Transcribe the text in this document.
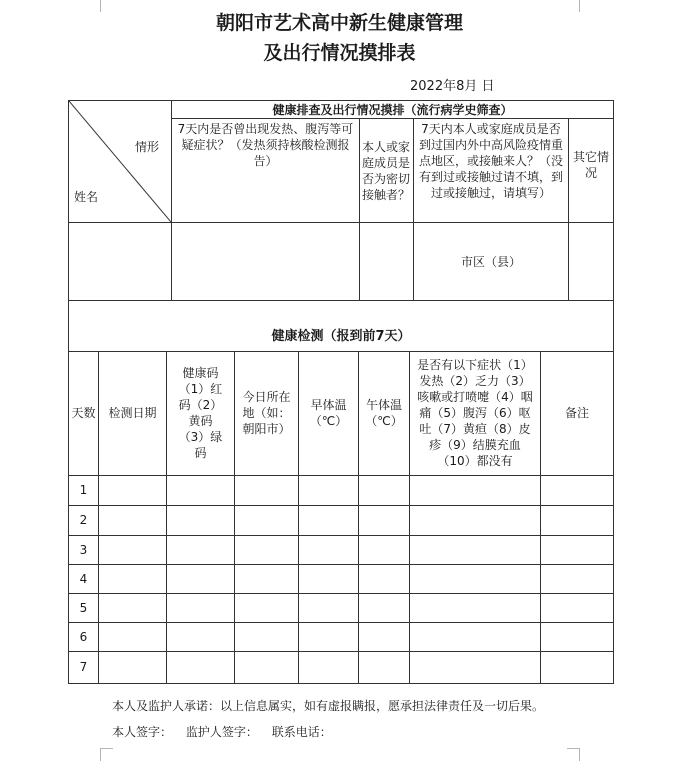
朝阳市艺术高中新生健康管理
及出行情况摸排表
2022年8月 日
情形
姓名	健康排查及出行情况摸排（流行病学史筛查）			
	7天内是否曾出现发热、腹泻等可疑症状？（发热须持核酸检测报告）	本人或家庭成员是否为密切接触者？	7天内本人或家庭成员是否到过国内外中高风险疫情重点地区，或接触来人？（没有到过或接触过请不填，到过或接触过，请填写）	其它情况
			市区（县）	
健康检测（报到前7天）							
天数	检测日期	健康码（1）红码（2）黄码（3）绿码	今日所在地（如：朝阳市）	早体温（℃）	午体温（℃）	是否有以下症状（1）发热（2）乏力（3）咳嗽或打喷嚏（4）咽痛（5）腹泻（6）呕吐（7）黄疸（8）皮疹（9）结膜充血（10）都没有	备注
1							
2							
3							
4							
5							
6							
7							
本人及监护人承诺：以上信息属实，如有虚报瞒报，愿承担法律责任及一切后果。
本人签字： 监护人签字： 联系电话：
